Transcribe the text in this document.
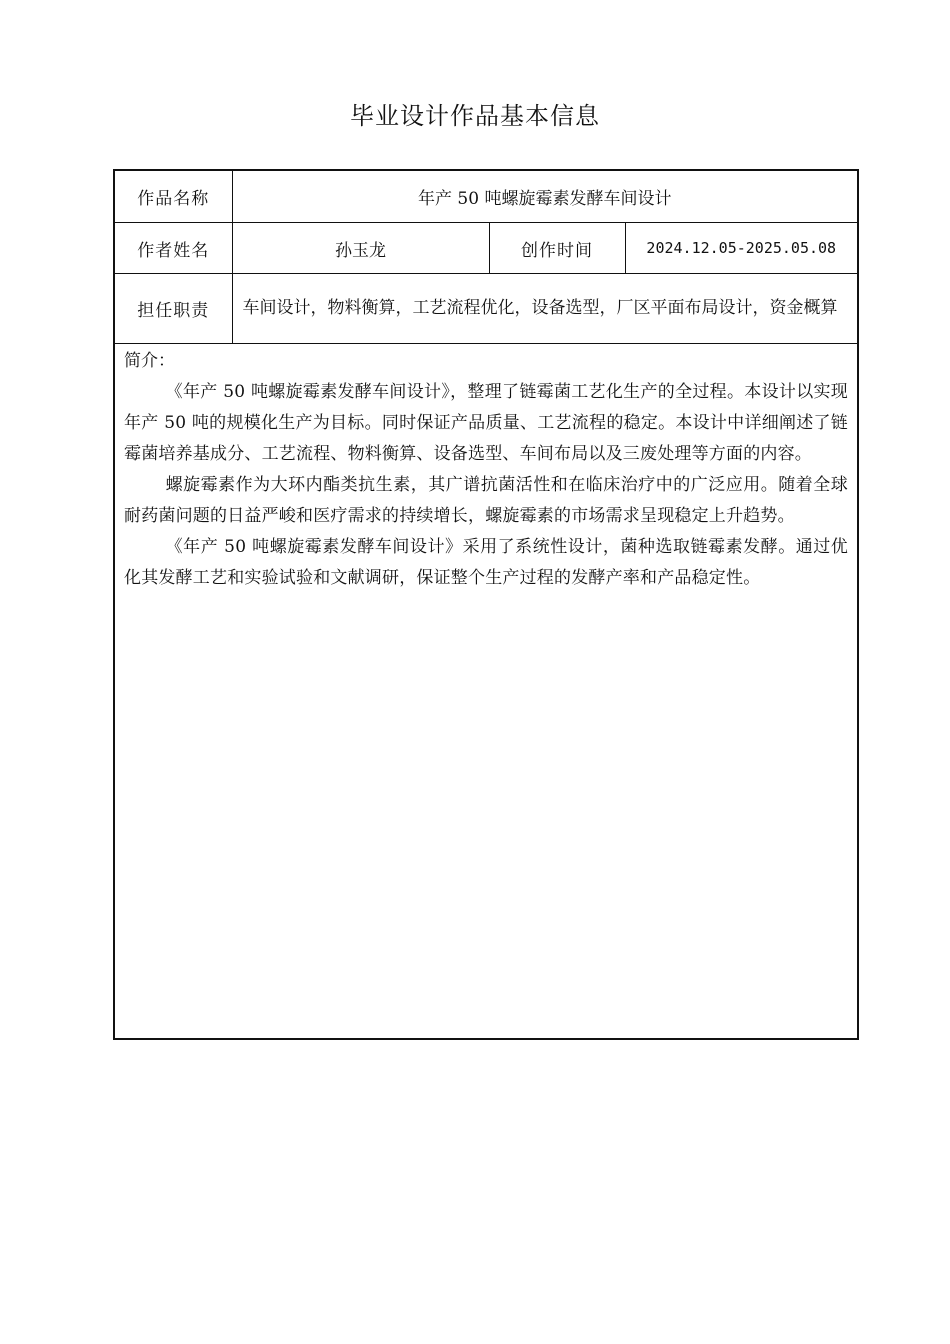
毕业设计作品基本信息
作品名称	年产 50 吨螺旋霉素发酵车间设计		
作者姓名	孙玉龙	创作时间	2024.12.05-2025.05.08
担任职责	车间设计，物料衡算，工艺流程优化，设备选型，厂区平面布局设计，资金概算		

简介：

《年产 50 吨螺旋霉素发酵车间设计》，整理了链霉菌工艺化生产的全过程。本设计以实现年产 50 吨的规模化生产为目标。同时保证产品质量、工艺流程的稳定。本设计中详细阐述了链霉菌培养基成分、工艺流程、物料衡算、设备选型、车间布局以及三废处理等方面的内容。

螺旋霉素作为大环内酯类抗生素，其广谱抗菌活性和在临床治疗中的广泛应用。随着全球耐药菌问题的日益严峻和医疗需求的持续增长，螺旋霉素的市场需求呈现稳定上升趋势。

《年产 50 吨螺旋霉素发酵车间设计》采用了系统性设计，菌种选取链霉素发酵。通过优化其发酵工艺和实验试验和文献调研，保证整个生产过程的发酵产率和产品稳定性。			
